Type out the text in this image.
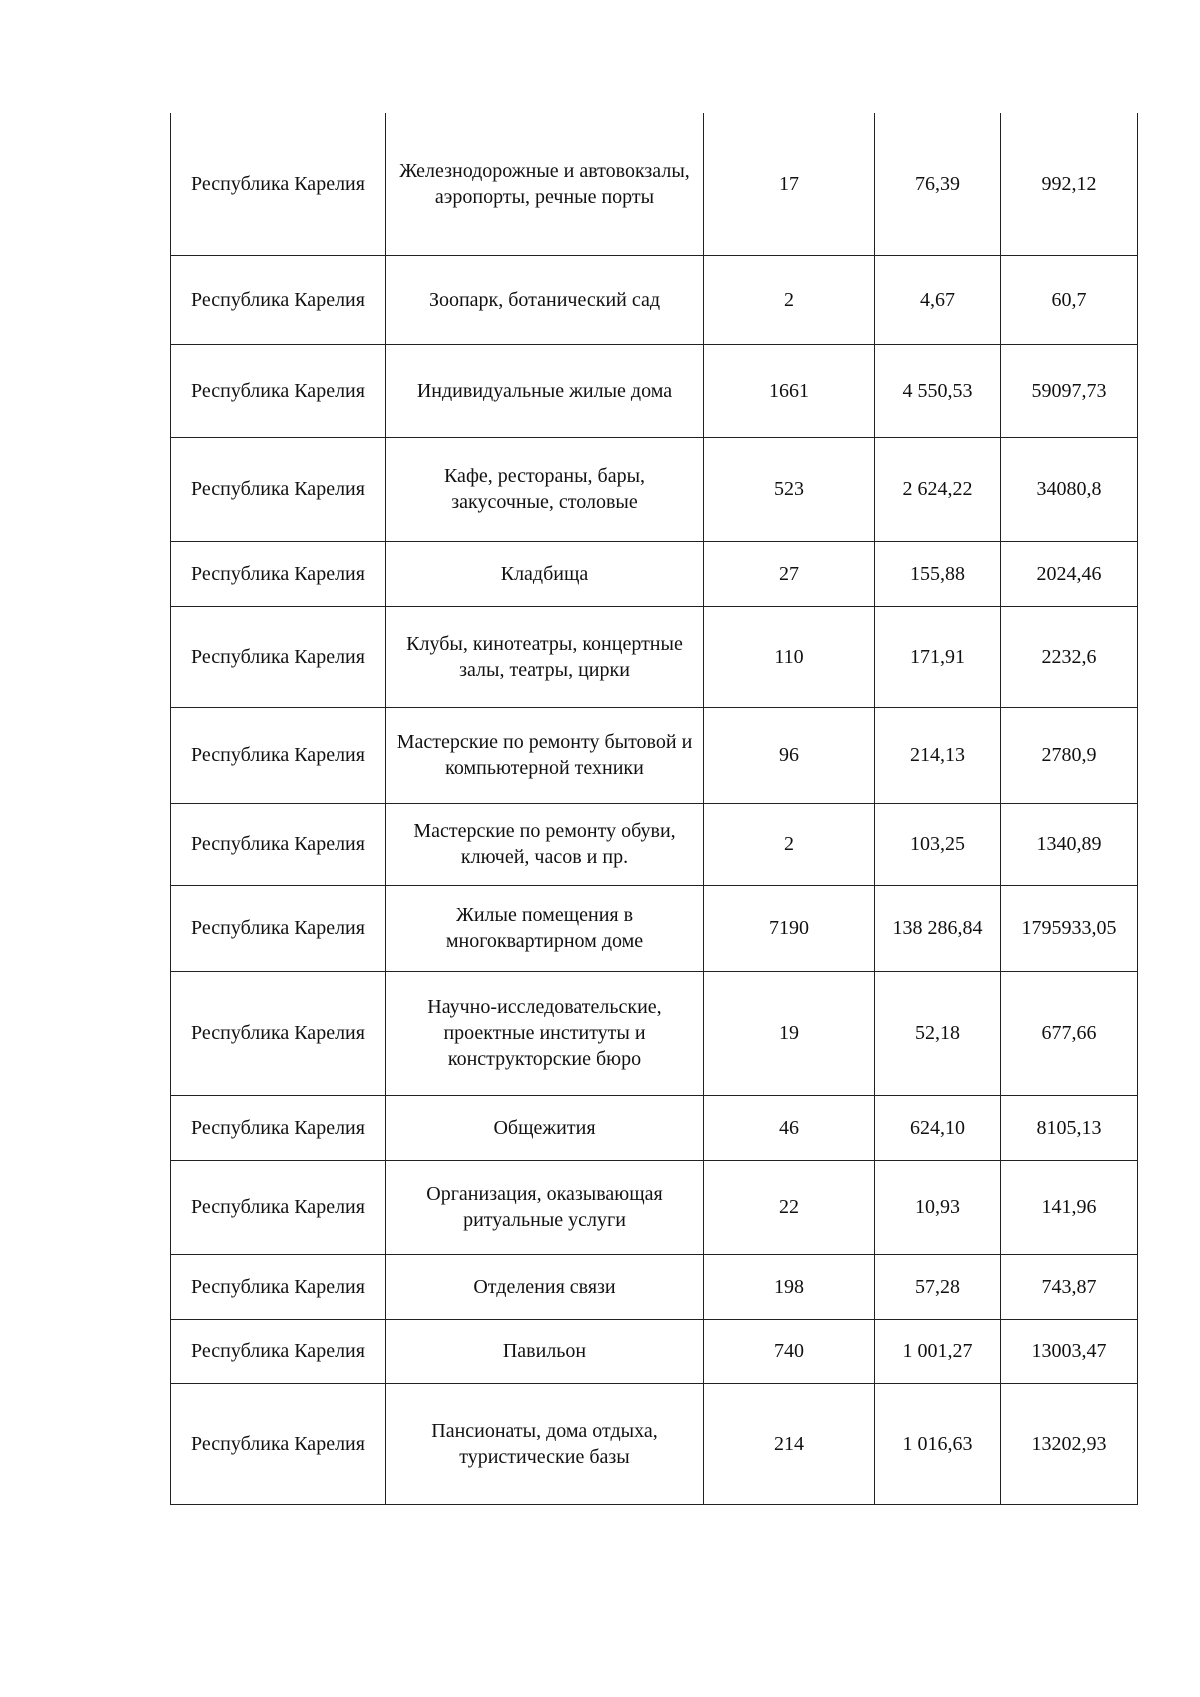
Республика Карелия	Железнодорожные и автовокзалы, аэропорты, речные порты	17	76,39	992,12
Республика Карелия	Зоопарк, ботанический сад	2	4,67	60,7
Республика Карелия	Индивидуальные жилые дома	1661	4 550,53	59097,73
Республика Карелия	Кафе, рестораны, бары, закусочные, столовые	523	2 624,22	34080,8
Республика Карелия	Кладбища	27	155,88	2024,46
Республика Карелия	Клубы, кинотеатры, концертные залы, театры, цирки	110	171,91	2232,6
Республика Карелия	Мастерские по ремонту бытовой и компьютерной техники	96	214,13	2780,9
Республика Карелия	Мастерские по ремонту обуви, ключей, часов и пр.	2	103,25	1340,89
Республика Карелия	Жилые помещения в многоквартирном доме	7190	138 286,84	1795933,05
Республика Карелия	Научно-исследовательские, проектные институты и конструкторские бюро	19	52,18	677,66
Республика Карелия	Общежития	46	624,10	8105,13
Республика Карелия	Организация, оказывающая ритуальные услуги	22	10,93	141,96
Республика Карелия	Отделения связи	198	57,28	743,87
Республика Карелия	Павильон	740	1 001,27	13003,47
Республика Карелия	Пансионаты, дома отдыха, туристические базы	214	1 016,63	13202,93
